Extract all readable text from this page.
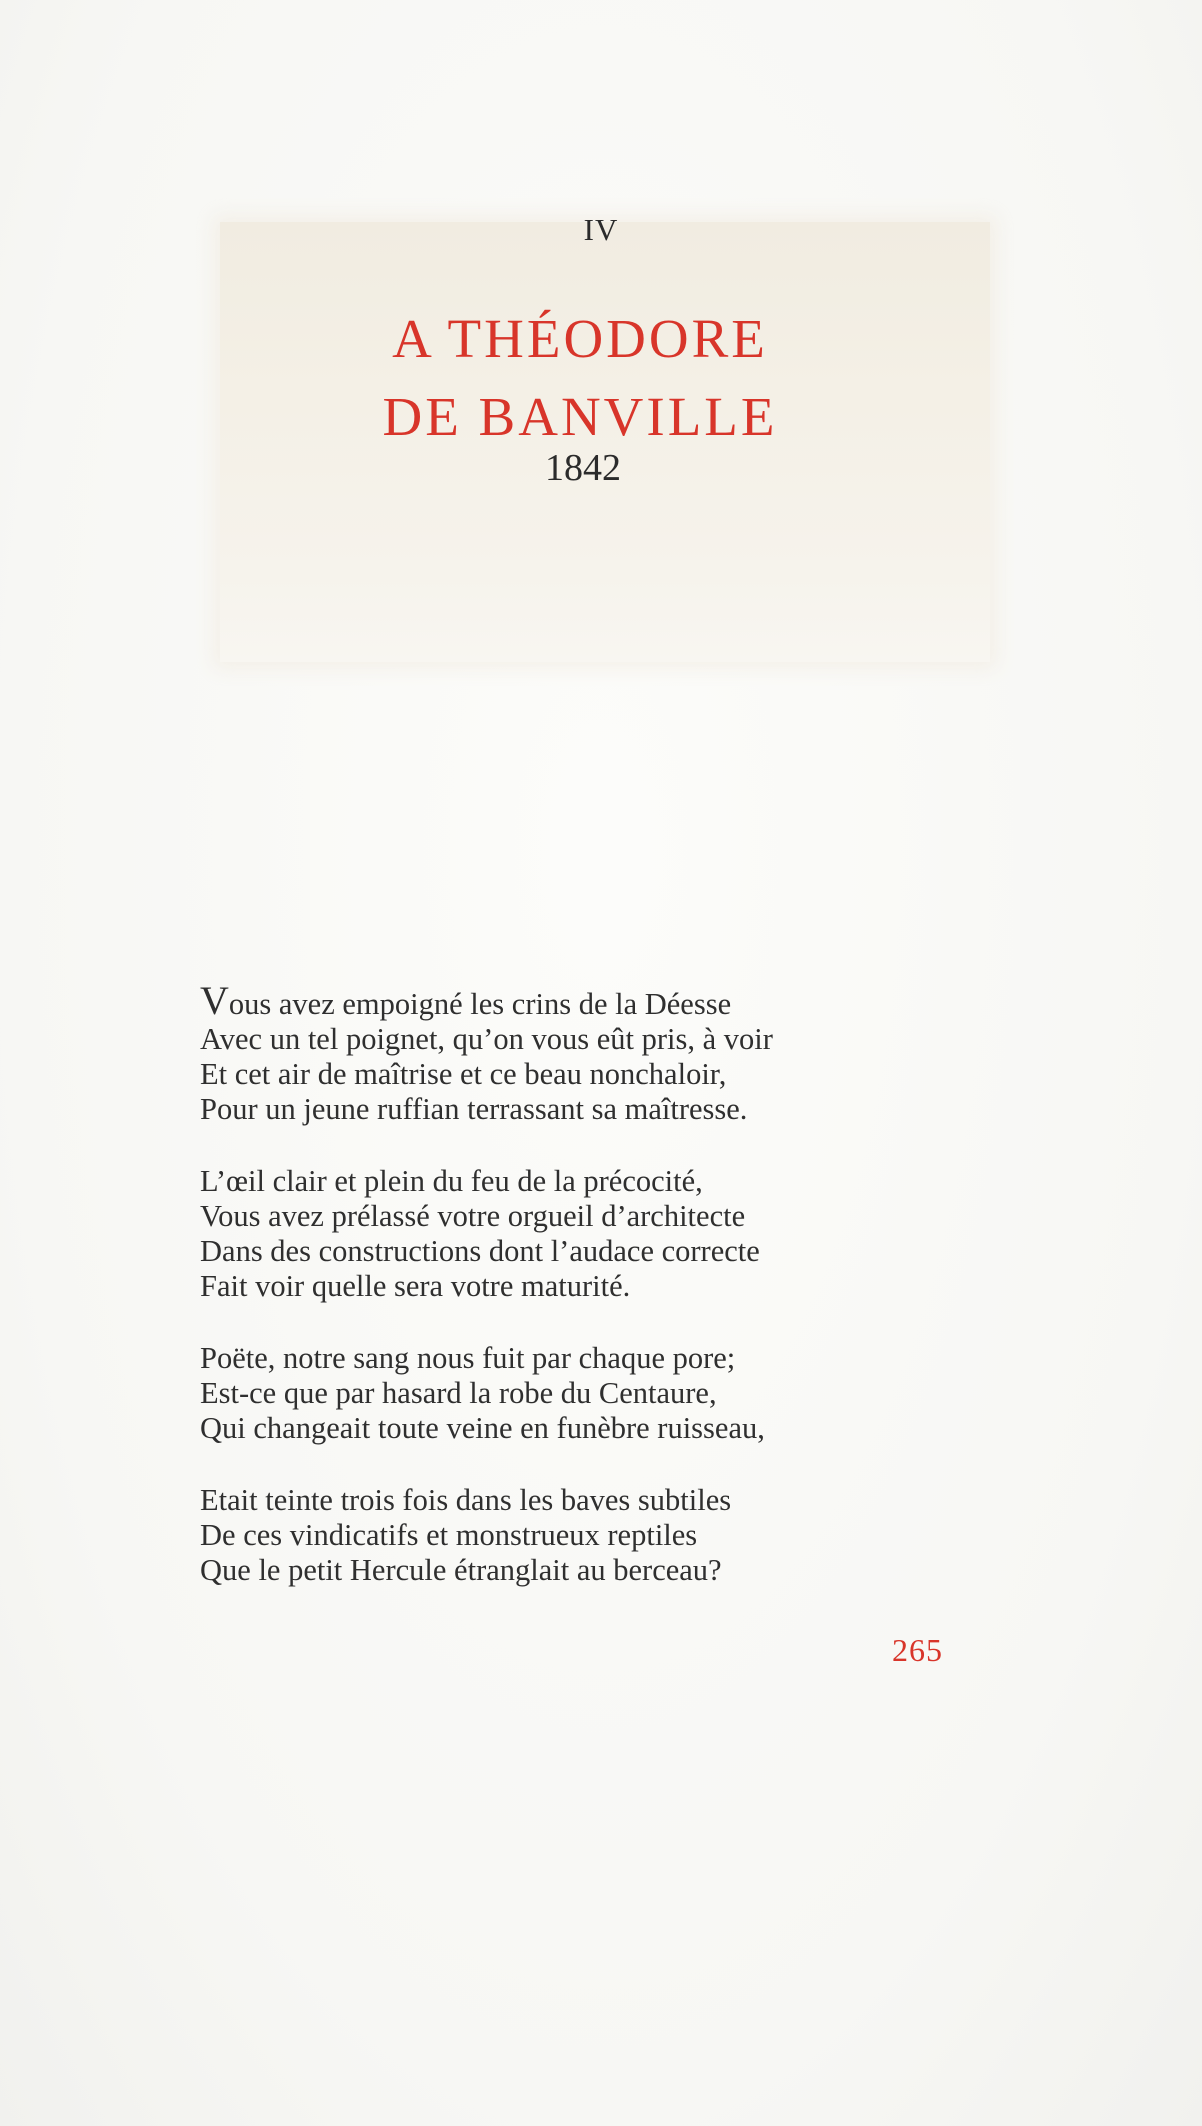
IV
A THÉODORE
DE BANVILLE
1842
Vous avez empoigné les crins de la Déesse
Avec un tel poignet, qu’on vous eût pris, à voir
Et cet air de maîtrise et ce beau nonchaloir,
Pour un jeune ruffian terrassant sa maîtresse.
L’œil clair et plein du feu de la précocité,
Vous avez prélassé votre orgueil d’architecte
Dans des constructions dont l’audace correcte
Fait voir quelle sera votre maturité.
Poëte, notre sang nous fuit par chaque pore;
Est-ce que par hasard la robe du Centaure,
Qui changeait toute veine en funèbre ruisseau,
Etait teinte trois fois dans les baves subtiles
De ces vindicatifs et monstrueux reptiles
Que le petit Hercule étranglait au berceau?
265
